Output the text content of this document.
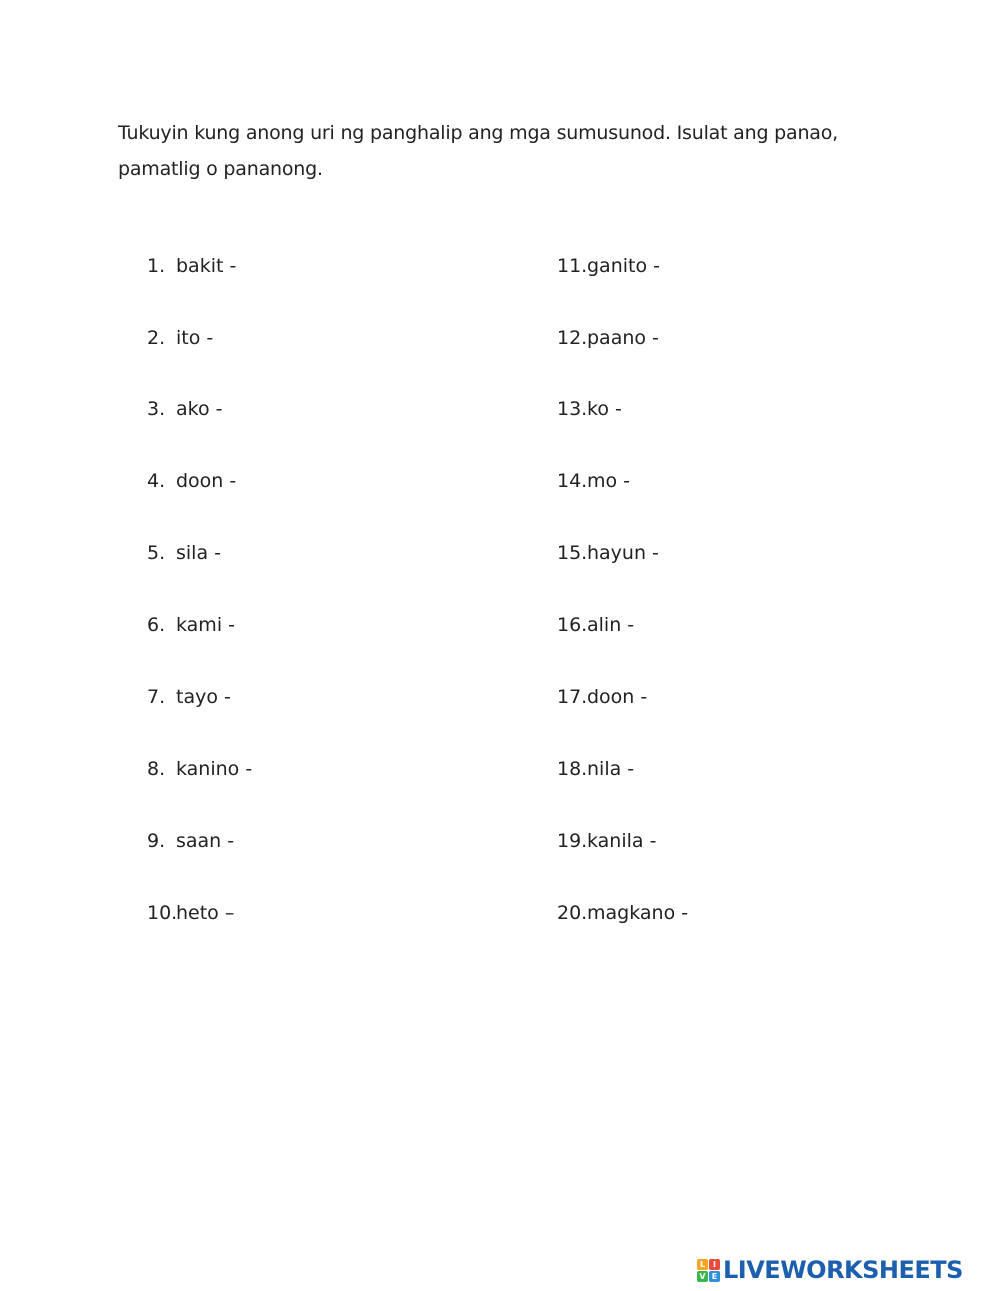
Tukuyin kung anong uri ng panghalip ang mga sumusunod. Isulat ang panao, pamatlig o pananong.
1. bakit -
2. ito -
3. ako -
4. doon -
5. sila -
6. kami -
7. tayo -
8. kanino -
9. saan -
10.
heto –
11. ganito -
12. paano -
13. ko -
14. mo -
15. hayun -
16. alin -
17. doon -
18. nila -
19. kanila -
20. magkano -
L I
V E LIVEWORKSHEETS
